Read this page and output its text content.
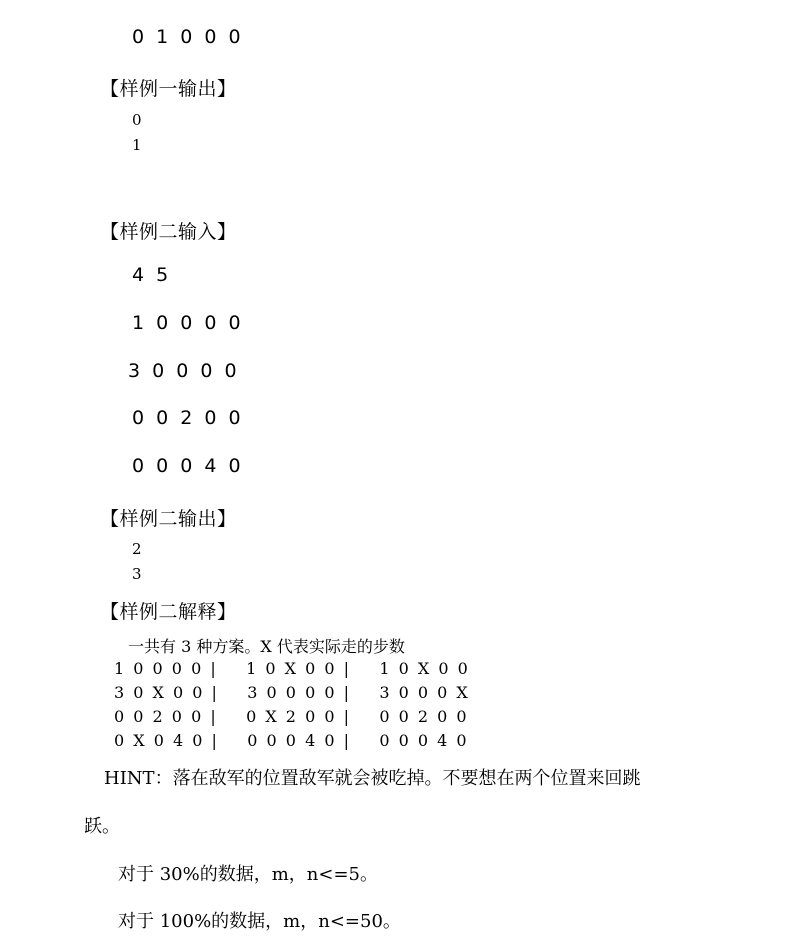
0 1 0 0 0
【样例一输出】
0
1
【样例二输入】
4 5
1 0 0 0 0
3 0 0 0 0
0 0 2 0 0
0 0 0 4 0
【样例二输出】
2
3
【样例二解释】
一共有 3 种方案。X 代表实际走的步数
1 0 0 0 0 |    1 0 X 0 0 |    1 0 X 0 0
3 0 X 0 0 |    3 0 0 0 0 |    3 0 0 0 X
0 0 2 0 0 |    0 X 2 0 0 |    0 0 2 0 0
0 X 0 4 0 |    0 0 0 4 0 |    0 0 0 4 0
HINT：落在敌军的位置敌军就会被吃掉。不要想在两个位置来回跳
跃。
对于 30%的数据，m，n<=5。
对于 100%的数据，m，n<=50。
